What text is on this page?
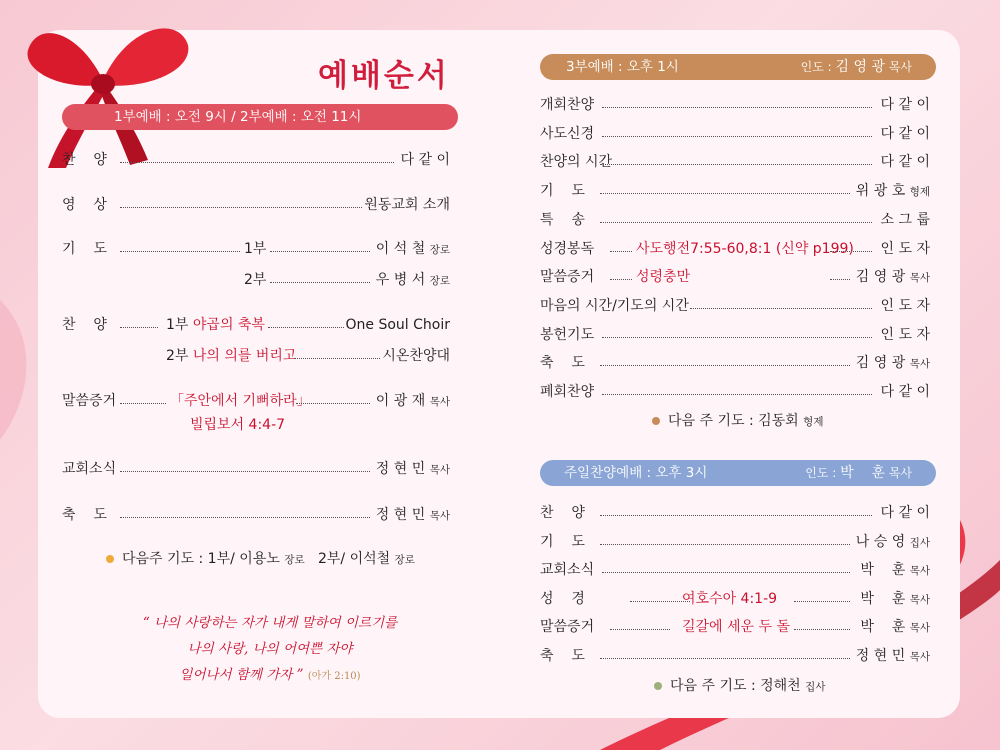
예배순서
1부예배 : 오전 9시 / 2부예배 : 오전 11시
찬    양	다 같 이
영    상	원동교회 소개
기    도	1부	이 석 철 장로
2부	우 병 서 장로
찬    양	1부 야곱의 축복	One Soul Choir
2부 나의 의를 버리고	시온찬양대
말씀증거	「주안에서 기뻐하라」	이 광 재 목사
빌립보서 4:4-7
교회소식	정 현 민 목사
축    도	정 현 민 목사
다음주 기도 : 1부/ 이용노 장로 2부/ 이석철 장로
“ 나의 사랑하는 자가 내게 말하여 이르기를
나의 사랑, 나의 어여쁜 자야
일어나서 함께 가자 ” (아가 2:10)
3부예배 : 오후 1시	인도 : 김 영 광 목사
개회찬양	다 같 이
사도신경	다 같 이
찬양의 시간	다 같 이
기    도	위 광 호 형제
특    송	소 그 룹
성경봉독	사도행전7:55-60,8:1 (신약 p199) 인 도 자
말씀증거	성령충만	김 영 광 목사
마음의 시간/기도의 시간	인 도 자
봉헌기도	인 도 자
축    도	김 영 광 목사
폐회찬양	다 같 이
다음 주 기도 : 김동회 형제
주일찬양예배 : 오후 3시	인도 : 박    훈 목사
찬    양	다 같 이
기    도	나 승 영 집사
교회소식	박    훈 목사
성    경	여호수아 4:1-9	박    훈 목사
말씀증거	길갈에 세운 두 돌	박    훈 목사
축    도	정 현 민 목사
다음 주 기도 : 정해천 집사
